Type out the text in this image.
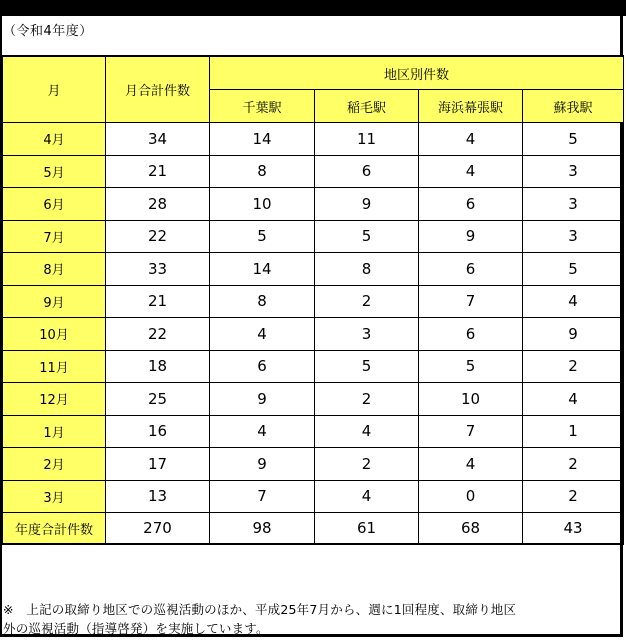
（令和4年度）
月	月合計件数	地区別件数			
		千葉駅	稲毛駅	海浜幕張駅	蘇我駅
4月	34	14	11	4	5
5月	21	8	6	4	3
6月	28	10	9	6	3
7月	22	5	5	9	3
8月	33	14	8	6	5
9月	21	8	2	7	4
10月	22	4	3	6	9
11月	18	6	5	5	2
12月	25	9	2	10	4
1月	16	4	4	7	1
2月	17	9	2	4	2
3月	13	7	4	0	2
年度合計件数	270	98	61	68	43
※　上記の取締り地区での巡視活動のほか、平成25年7月から、週に1回程度、取締り地区
外の巡視活動（指導啓発）を実施しています。
